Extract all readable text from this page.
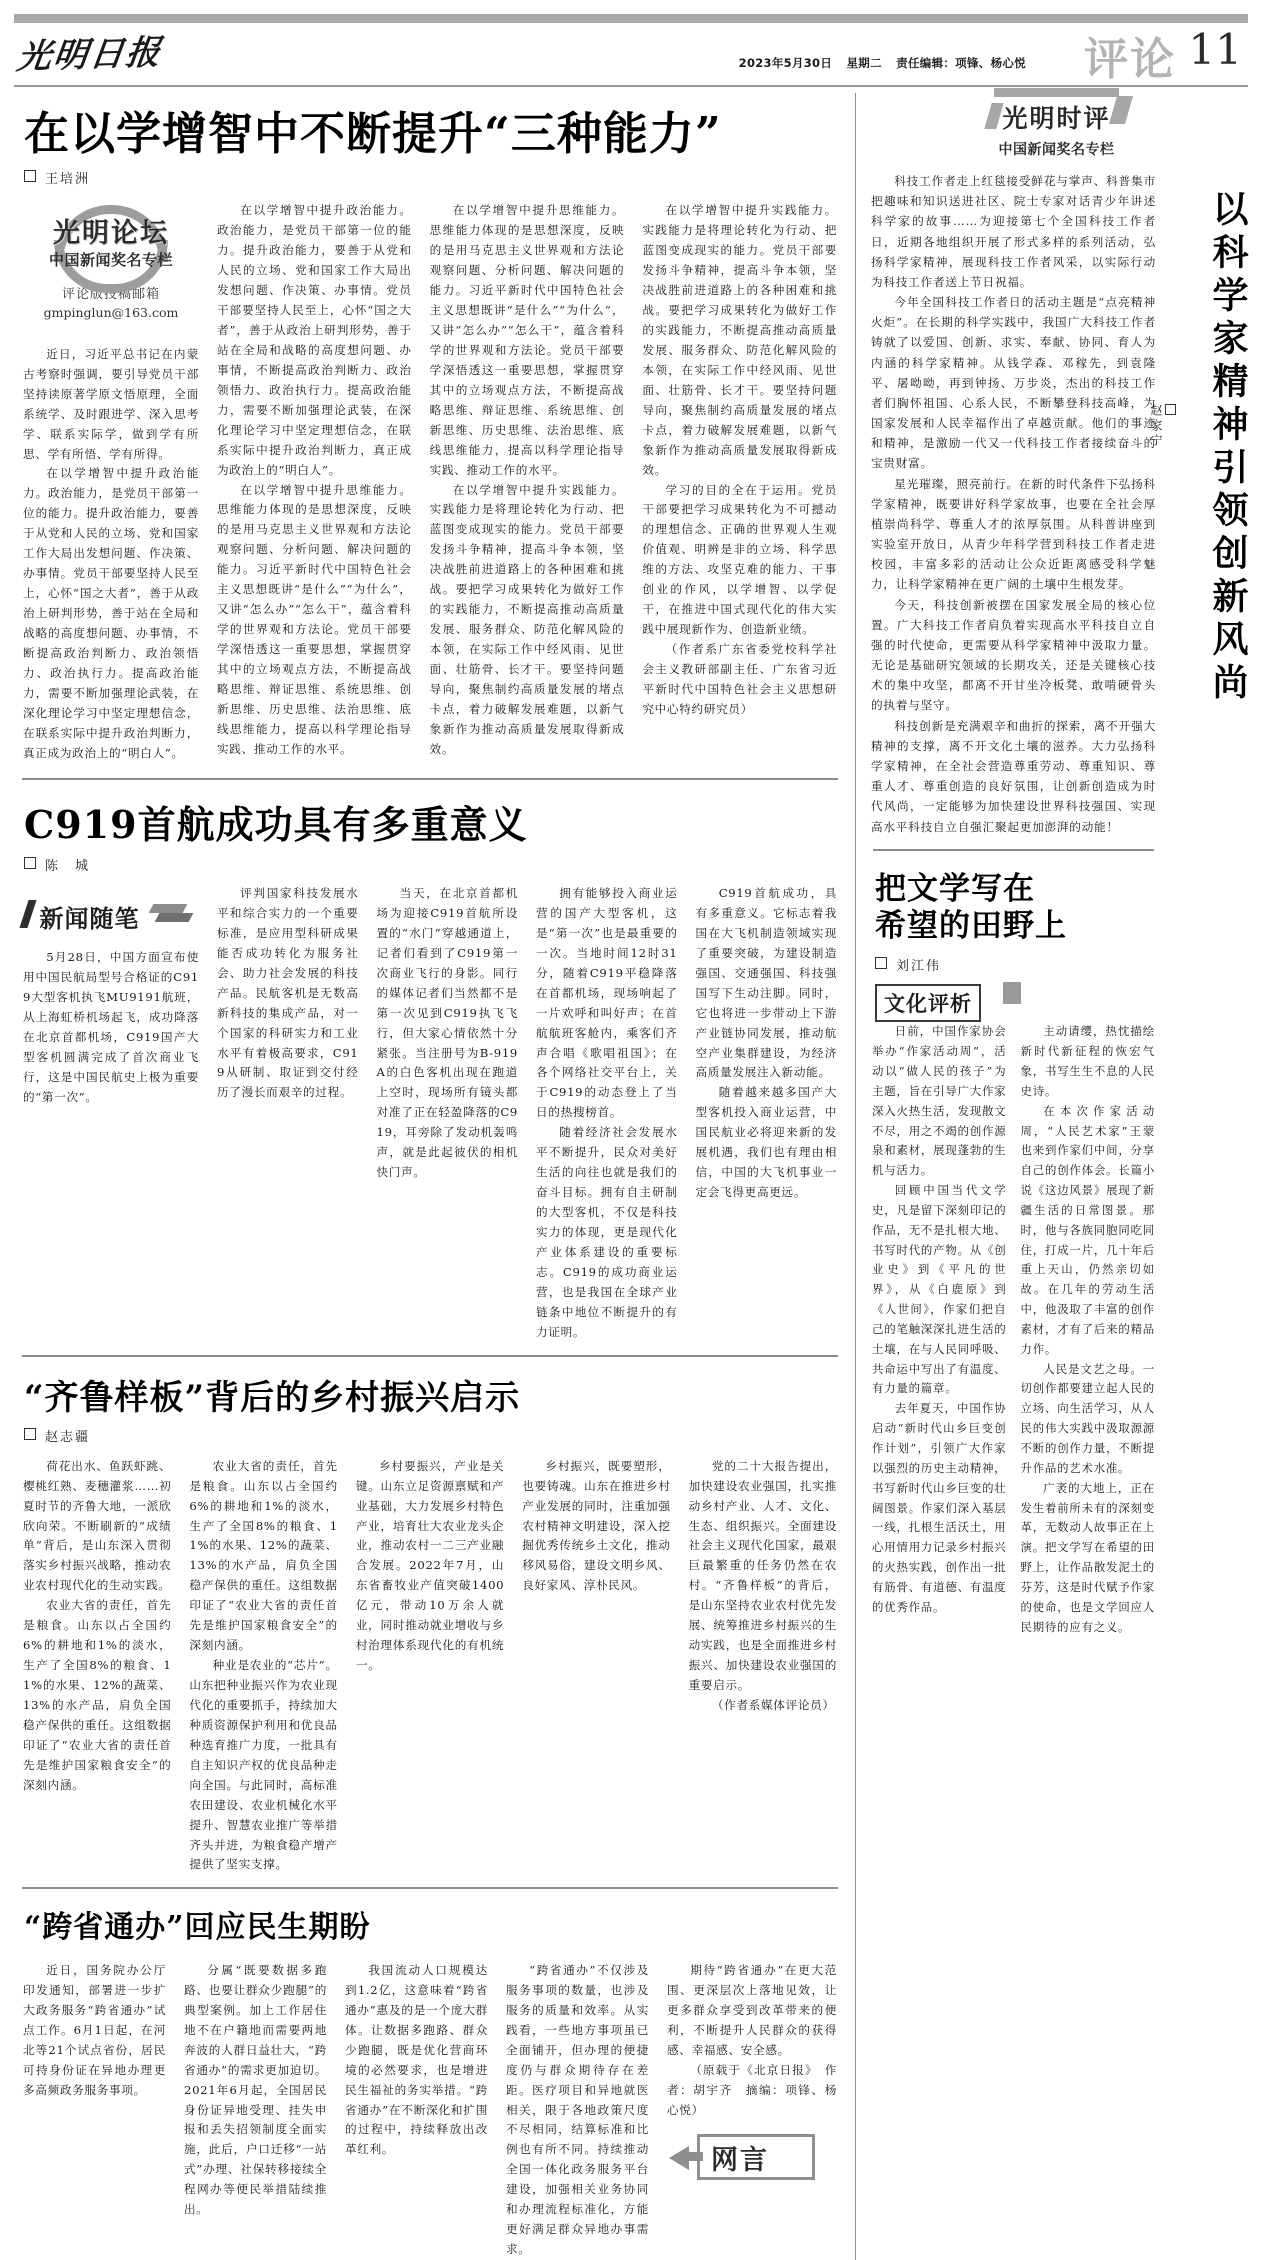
光明日报	2023年5月30日 星期二 责任编辑：项锋、杨心悦 评论 11
在以学增智中不断提升“三种能力”
王培洲
光明论坛
中国新闻奖名专栏
评论版投稿邮箱
gmpinglun@163.com

近日，习近平总书记在内蒙古考察时强调，要引导党员干部坚持读原著学原文悟原理，全面系统学、及时跟进学、深入思考学、联系实际学，做到学有所思、学有所悟、学有所得。

在以学增智中提升政治能力。政治能力，是党员干部第一位的能力。提升政治能力，要善于从党和人民的立场、党和国家工作大局出发想问题、作决策、办事情。党员干部要坚持人民至上，心怀“国之大者”，善于从政治上研判形势，善于站在全局和战略的高度想问题、办事情，不断提高政治判断力、政治领悟力、政治执行力。提高政治能力，需要不断加强理论武装，在深化理论学习中坚定理想信念，在联系实际中提升政治判断力，真正成为政治上的“明白人”。

在以学增智中提升政治能力。政治能力，是党员干部第一位的能力。提升政治能力，要善于从党和人民的立场、党和国家工作大局出发想问题、作决策、办事情。党员干部要坚持人民至上，心怀“国之大者”，善于从政治上研判形势，善于站在全局和战略的高度想问题、办事情，不断提高政治判断力、政治领悟力、政治执行力。提高政治能力，需要不断加强理论武装，在深化理论学习中坚定理想信念，在联系实际中提升政治判断力，真正成为政治上的“明白人”。

在以学增智中提升思维能力。思维能力体现的是思想深度，反映的是用马克思主义世界观和方法论观察问题、分析问题、解决问题的能力。习近平新时代中国特色社会主义思想既讲“是什么”“为什么”，又讲“怎么办”“怎么干”，蕴含着科学的世界观和方法论。党员干部要学深悟透这一重要思想，掌握贯穿其中的立场观点方法，不断提高战略思维、辩证思维、系统思维、创新思维、历史思维、法治思维、底线思维能力，提高以科学理论指导实践、推动工作的水平。

在以学增智中提升思维能力。思维能力体现的是思想深度，反映的是用马克思主义世界观和方法论观察问题、分析问题、解决问题的能力。习近平新时代中国特色社会主义思想既讲“是什么”“为什么”，又讲“怎么办”“怎么干”，蕴含着科学的世界观和方法论。党员干部要学深悟透这一重要思想，掌握贯穿其中的立场观点方法，不断提高战略思维、辩证思维、系统思维、创新思维、历史思维、法治思维、底线思维能力，提高以科学理论指导实践、推动工作的水平。

在以学增智中提升实践能力。实践能力是将理论转化为行动、把蓝图变成现实的能力。党员干部要发扬斗争精神，提高斗争本领，坚决战胜前进道路上的各种困难和挑战。要把学习成果转化为做好工作的实践能力，不断提高推动高质量发展、服务群众、防范化解风险的本领，在实际工作中经风雨、见世面、壮筋骨、长才干。要坚持问题导向，聚焦制约高质量发展的堵点卡点，着力破解发展难题，以新气象新作为推动高质量发展取得新成效。

在以学增智中提升实践能力。实践能力是将理论转化为行动、把蓝图变成现实的能力。党员干部要发扬斗争精神，提高斗争本领，坚决战胜前进道路上的各种困难和挑战。要把学习成果转化为做好工作的实践能力，不断提高推动高质量发展、服务群众、防范化解风险的本领，在实际工作中经风雨、见世面、壮筋骨、长才干。要坚持问题导向，聚焦制约高质量发展的堵点卡点，着力破解发展难题，以新气象新作为推动高质量发展取得新成效。

学习的目的全在于运用。党员干部要把学习成果转化为不可撼动的理想信念、正确的世界观人生观价值观、明辨是非的立场、科学思维的方法、攻坚克难的能力、干事创业的作风，以学增智、以学促干，在推进中国式现代化的伟大实践中展现新作为、创造新业绩。

（作者系广东省委党校科学社会主义教研部副主任、广东省习近平新时代中国特色社会主义思想研究中心特约研究员）

C919首航成功具有多重意义
陈　城
新闻随笔

5月28日，中国方面宣布使用中国民航局型号合格证的C919大型客机执飞MU9191航班，从上海虹桥机场起飞，成功降落在北京首都机场，C919国产大型客机圆满完成了首次商业飞行，这是中国民航史上极为重要的“第一次”。

评判国家科技发展水平和综合实力的一个重要标准，是应用型科研成果能否成功转化为服务社会、助力社会发展的科技产品。民航客机是无数高新科技的集成产品，对一个国家的科研实力和工业水平有着极高要求，C919从研制、取证到交付经历了漫长而艰辛的过程。

当天，在北京首都机场为迎接C919首航所设置的“水门”穿越通道上，记者们看到了C919第一次商业飞行的身影。同行的媒体记者们当然都不是第一次见到C919执飞飞行，但大家心情依然十分紧张。当注册号为B-919A的白色客机出现在跑道上空时，现场所有镜头都对准了正在轻盈降落的C919，耳旁除了发动机轰鸣声，就是此起彼伏的相机快门声。

拥有能够投入商业运营的国产大型客机，这是“第一次”也是最重要的一次。当地时间12时31分，随着C919平稳降落在首都机场，现场响起了一片欢呼和叫好声；在首航航班客舱内，乘客们齐声合唱《歌唱祖国》；在各个网络社交平台上，关于C919的动态登上了当日的热搜榜首。

随着经济社会发展水平不断提升，民众对美好生活的向往也就是我们的奋斗目标。拥有自主研制的大型客机，不仅是科技实力的体现，更是现代化产业体系建设的重要标志。C919的成功商业运营，也是我国在全球产业链条中地位不断提升的有力证明。

C919首航成功，具有多重意义。它标志着我国在大飞机制造领域实现了重要突破，为建设制造强国、交通强国、科技强国写下生动注脚。同时，它也将进一步带动上下游产业链协同发展，推动航空产业集群建设，为经济高质量发展注入新动能。

随着越来越多国产大型客机投入商业运营，中国民航业必将迎来新的发展机遇，我们也有理由相信，中国的大飞机事业一定会飞得更高更远。

“齐鲁样板”背后的乡村振兴启示
赵志疆

荷花出水、鱼跃虾跳、樱桃红熟、麦穗灌浆……初夏时节的齐鲁大地，一派欣欣向荣。不断刷新的“成绩单”背后，是山东深入贯彻落实乡村振兴战略，推动农业农村现代化的生动实践。

农业大省的责任，首先是粮食。山东以占全国约6%的耕地和1%的淡水，生产了全国8%的粮食、11%的水果、12%的蔬菜、13%的水产品，肩负全国稳产保供的重任。这组数据印证了“农业大省的责任首先是维护国家粮食安全”的深刻内涵。

农业大省的责任，首先是粮食。山东以占全国约6%的耕地和1%的淡水，生产了全国8%的粮食、11%的水果、12%的蔬菜、13%的水产品，肩负全国稳产保供的重任。这组数据印证了“农业大省的责任首先是维护国家粮食安全”的深刻内涵。

种业是农业的“芯片”。山东把种业振兴作为农业现代化的重要抓手，持续加大种质资源保护利用和优良品种选育推广力度，一批具有自主知识产权的优良品种走向全国。与此同时，高标准农田建设、农业机械化水平提升、智慧农业推广等举措齐头并进，为粮食稳产增产提供了坚实支撑。

乡村要振兴，产业是关键。山东立足资源禀赋和产业基础，大力发展乡村特色产业，培育壮大农业龙头企业，推动农村一二三产业融合发展。2022年7月，山东省畜牧业产值突破1400亿元，带动10万余人就业，同时推动就业增收与乡村治理体系现代化的有机统一。

乡村振兴，既要塑形，也要铸魂。山东在推进乡村产业发展的同时，注重加强农村精神文明建设，深入挖掘优秀传统乡土文化，推动移风易俗，建设文明乡风、良好家风、淳朴民风。

党的二十大报告提出，加快建设农业强国，扎实推动乡村产业、人才、文化、生态、组织振兴。全面建设社会主义现代化国家，最艰巨最繁重的任务仍然在农村。“齐鲁样板”的背后，是山东坚持农业农村优先发展、统筹推进乡村振兴的生动实践，也是全面推进乡村振兴、加快建设农业强国的重要启示。

（作者系媒体评论员）

“跨省通办”回应民生期盼

近日，国务院办公厅印发通知，部署进一步扩大政务服务“跨省通办”试点工作。6月1日起，在河北等21个试点省份，居民可持身份证在异地办理更多高频政务服务事项。

分属“既要数据多跑路、也要让群众少跑腿”的典型案例。加上工作居住地不在户籍地而需要两地奔波的人群日益壮大，“跨省通办”的需求更加迫切。2021年6月起，全国居民身份证异地受理、挂失申报和丢失招领制度全面实施，此后，户口迁移“一站式”办理、社保转移接续全程网办等便民举措陆续推出。

我国流动人口规模达到1.2亿，这意味着“跨省通办”惠及的是一个庞大群体。让数据多跑路、群众少跑腿，既是优化营商环境的必然要求，也是增进民生福祉的务实举措。“跨省通办”在不断深化和扩围的过程中，持续释放出改革红利。

“跨省通办”不仅涉及服务事项的数量，也涉及服务的质量和效率。从实践看，一些地方事项虽已全面铺开，但办理的便捷度仍与群众期待存在差距。医疗项目和异地就医相关，限于各地政策尺度不尽相同，结算标准和比例也有所不同。持续推动全国一体化政务服务平台建设，加强相关业务协同和办理流程标准化，方能更好满足群众异地办事需求。

期待“跨省通办”在更大范围、更深层次上落地见效，让更多群众享受到改革带来的便利，不断提升人民群众的获得感、幸福感、安全感。

（原载于《北京日报》　作者：胡宇齐　摘编：项锋、杨心悦）

网言
光明时评
中国新闻奖名专栏
以科学家精神引领创新风尚
赵家宁

科技工作者走上红毯接受鲜花与掌声、科普集市把趣味和知识送进社区、院士专家对话青少年讲述科学家的故事……为迎接第七个全国科技工作者日，近期各地组织开展了形式多样的系列活动，弘扬科学家精神，展现科技工作者风采，以实际行动为科技工作者送上节日祝福。

今年全国科技工作者日的活动主题是“点亮精神火炬”。在长期的科学实践中，我国广大科技工作者铸就了以爱国、创新、求实、奉献、协同、育人为内涵的科学家精神。从钱学森、邓稼先，到袁隆平、屠呦呦，再到钟扬、万步炎，杰出的科技工作者们胸怀祖国、心系人民，不断攀登科技高峰，为国家发展和人民幸福作出了卓越贡献。他们的事迹和精神，是激励一代又一代科技工作者接续奋斗的宝贵财富。

星光璀璨，照亮前行。在新的时代条件下弘扬科学家精神，既要讲好科学家故事，也要在全社会厚植崇尚科学、尊重人才的浓厚氛围。从科普讲座到实验室开放日，从青少年科学营到科技工作者走进校园，丰富多彩的活动让公众近距离感受科学魅力，让科学家精神在更广阔的土壤中生根发芽。

今天，科技创新被摆在国家发展全局的核心位置。广大科技工作者肩负着实现高水平科技自立自强的时代使命，更需要从科学家精神中汲取力量。无论是基础研究领域的长期攻关，还是关键核心技术的集中攻坚，都离不开甘坐冷板凳、敢啃硬骨头的执着与坚守。

科技创新是充满艰辛和曲折的探索，离不开强大精神的支撑，离不开文化土壤的滋养。大力弘扬科学家精神，在全社会营造尊重劳动、尊重知识、尊重人才、尊重创造的良好氛围，让创新创造成为时代风尚，一定能够为加快建设世界科技强国、实现高水平科技自立自强汇聚起更加澎湃的动能！

把文学写在
希望的田野上
刘江伟
文化评析

日前，中国作家协会举办“作家活动周”，活动以“做人民的孩子”为主题，旨在引导广大作家深入火热生活，发现散文不尽，用之不竭的创作源泉和素材，展现蓬勃的生机与活力。

回顾中国当代文学史，凡是留下深刻印记的作品，无不是扎根大地、书写时代的产物。从《创业史》到《平凡的世界》，从《白鹿原》到《人世间》，作家们把自己的笔触深深扎进生活的土壤，在与人民同呼吸、共命运中写出了有温度、有力量的篇章。

去年夏天，中国作协启动“新时代山乡巨变创作计划”，引领广大作家以强烈的历史主动精神，书写新时代山乡巨变的壮阔图景。作家们深入基层一线，扎根生活沃土，用心用情用力记录乡村振兴的火热实践，创作出一批有筋骨、有道德、有温度的优秀作品。

主动请缨，热忱描绘新时代新征程的恢宏气象，书写生生不息的人民史诗。

在本次作家活动周，“人民艺术家”王蒙也来到作家们中间，分享自己的创作体会。长篇小说《这边风景》展现了新疆生活的日常图景。那时，他与各族同胞同吃同住，打成一片，几十年后重上天山，仍然亲切如故。在几年的劳动生活中，他汲取了丰富的创作素材，才有了后来的精品力作。

人民是文艺之母。一切创作都要建立起人民的立场、向生活学习，从人民的伟大实践中汲取源源不断的创作力量，不断提升作品的艺术水准。

广袤的大地上，正在发生着前所未有的深刻变革，无数动人故事正在上演。把文学写在希望的田野上，让作品散发泥土的芬芳，这是时代赋予作家的使命，也是文学回应人民期待的应有之义。
